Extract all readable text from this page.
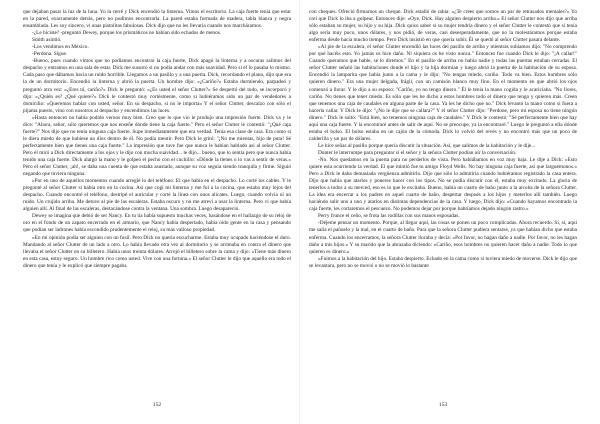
que dejaban pasar la luz de la luna. Yo la cerré y Dick encendió la linterna. Vimos el escritorio. La caja fuerte tenía que estar en la pared, exactamente detrás, pero no pudimos encontrarla. La pared estaba formada de madera, tabla blanca y negra ensamblada. Les soy sincero, vi unas pistolitas fabulosas. Dick dijo que no les llevaría cuando nos marcháramos.

-¿Le hiciste? -preguntó Dewey, porque los prismáticos no habían sido echados de menos.

Smith asintió.

-Los vendimos en México.

-Perdona. Sigue.

-Bueno, pues cuando vimos que no podíamos encontrar la caja fuerte, Dick apagó la linterna y a oscuras salimos del despacho y entramos en una sala de estar. Dick me susurró si no podía andar con más suavidad. Pero si él lo pasaba lo mismo. Cada paso que dábamos hacía un ruido horrible. Llegamos a un pasillo y a una puerta. Dick, recordando el plano, dijo que era la de un dormitorio. Encendió la linterna y abrió la puerta. Un hombre dijo: «¿Cariño?» Estaba durmiendo, parpadeó y preguntó otra vez: «¿Eres tú, cariño?» Dick le preguntó: «¿Es usted el señor Clutter?» Se despertó del todo, se incorporó y dijo: «¿Quién es? ¿Qué quiere?» Dick le contestó muy cortésmente, como si hubiéramos sido un par de vendedores a domicilio: «Queremos hablar con usted, señor. En su despacho, si no le importa» Y el señor Clutter, descalzo con sólo el pijama puesto, vino con nosotros al despacho y encendimos las luces.

»Hasta entonces no había podido vernos muy bien. Creo que lo que vio le produjo una impresión fuerte. Dick va y le dice: "Ahora, señor, sólo queremos que nos enseñe dónde tiene la caja fuerte." Pero el señor Clutter le contestó: "¿Qué caja fuerte?" Nos dijo que no tenía ninguna caja fuerte. Supe inmediatamente que era verdad. Tenía esa clase de cara. Era como si le diera miedo de que hubiese un dios dentro de él. No podía mentir. Pero Dick le gritó: "¡No me mientas, hijo de puta! Sé perfectamente bien que tienes una caja fuerte." La impresión que tuve fue que nunca le habían hablado así al señor Clutter. Pero él miró a Dick directamente a los ojos y le dijo con mucha suavidad... le dijo... bueno, que lo sentía pero que nunca había tenido una caja fuerte. Dick alargó la mano y le golpeó el pecho con el cuchillo: «Dónde la tienes o lo vas a sentir de veras.» Pero el señor Clutter, ¡ah!, se daba una cuenta de que estaba asustado, aunque su voz seguía siendo tranquila y firme. Siguió negando que tuviera ninguna.

»Por en uno de aquellos momentos cuando arreglé lo del teléfono. El que había en el despacho. Lo corté los cables. Y le pregunté al señor Clutter si había otro en la cocina. Así que cogí mi linterna y me fui a la cocina, que estaba muy lejos del despacho. Cuando encontré el teléfono, destripé el auricular y corté la línea con unos alicates. Luego, cuando volvía oí un ruido. Un crujido arriba. Me detuve al pie de las escaleras. Estaba oscuro y no me atreví a usar la linterna. Pero vi que había alguien allí. Al final de las escaleras, destacándose contra la ventana. Una sombra. Luego desapareció.

Dewey se imagina que debió de ser Nancy. En tu tía había supuesto muchas veces, basándose en el hallazgo de su reloj de oro en el fondo de un zapato encerrado en el armario, que Nancy había despertado, había oído gente en la casa y pensando que podían ser ladrones había escondido prudentemente el reloj, su más valioso propiedad.

»En mi opinión podía ser alguien con un fusil. Pero Dick no quería escucharme. Estaba muy ocupado haciéndose el duro. Mandando al señor Clutter de un lado a otro. Lo había llevado otra vez al dormitorio y se arrimaba en contra el dinero que llevaba el señor Clutter en su billetero. Había unos treinta dólares. Arrojó el billetero sobre la cama y dijo: «Tiene más dinero en esta casa, estoy seguro. Un hombre rico como usted. Vive con una fortuna.» El señor Clutter le dijo que aquello era todo el dinero que tenía y le explicó que siempre pagaba

152

con cheques. Ofreció firmarnos un cheque. Dick estalló de rabia: «¿Te crees que somos un par de retrasados mentales?» Yo creí que Dick lo iba a golpear. Entonces dije: «Oye, Dick. Hay alguien despierto arriba.» El señor Clutter nos dijo que arriba sólo estaban su mujer, su hijo y su hija. Dick quiso saber si su mujer tendría dinero y el señor Clutter le contestó que si tenía algo sería muy poco, unos dólares, y nos pidió, de veras, casi desesperadamente, que no la molestáramos porque estaba enferma desde hacía mucho tiempo. Pero Dick insistió en que quería subir. Él se quedó al señor Clutter pasara delante.

»Al pie de la escalera, el señor Clutter encendió las luces del pasillo de arriba y mientras subíamos dijo: "No comprendo por qué hacéis esto. Yo jamás os hice daño. Ni siquiera os he visto nunca." Entonces fue cuando Dick le dijo: "¡A callar!" Cuando queramos que hable, se lo diremos." En el pasillo de arriba no había nadie y todas las puertas estaban cerradas. El señor Clutter señaló las habitaciones donde el hijo y la hija dormían y luego abrió la puerta de la habitación de su esposa. Encendió la lamparita que había junto a la cama y le dijo: "No tengas miedo, cariño. Todo va bien. Estos hombres sólo quieren dinero." Era una mujer delgada, frágil, con un camisón blanco muy fino. En el momento en que abrió los ojos comenzó a llorar. Y le dijo a su esposo: "Cariño, yo no tengo dinero." Él le tenía la mano cogida y le acariciaba. "No llores, cariño. No tienes que tener miedo. Es sólo que les he dicho a estos hombres todo el dinero que tengo y quieren más. Creen que tenemos una caja de caudales en alguna parte de la casa. Ya les he dicho que no." Dick levantó la mano como si fuera a hacerla callar. Y Dick le dijo: "¿No le dije que se callara?" Y el señor Clutter dijo: "Perdone, pero mi esposa no tiene ningún dinero." Dick le soltó: "Está bien, no tenemos ninguna caja de caudales." Y Dick le contestó: "Sé perfectamente bien que hay aquí una caja fuerte. Y la encontraré antes de salir de aquí. No se preocupe, ya la encontraré." Luego le preguntó a ella dónde estaba el bolso. El bolso estaba en un cajón de la cómoda. Dick lo volvió del revés y no encontró más que un poco de calderilla y un par de dólares.

Le hice señas al pasillo porque quería discutir la situación. Así, que salimos de la habitación y le dije...

Dunter le interrumpe para preguntar si el señor y la señora Clutter podían oír la conversación.

-No. Nos quedamos en la puerta para no perderlos de vista. Pero hablábamos en voz muy baja. Le dije a Dick: «Esto quiere esta ocurriendo la verdad. El que mintió fue tu amigo Floyd Wells. No hay ninguna caja fuerte, así que larguémonos.» Pero a Dick le daba demasiada vergüenza admitirlo. Dijo que sólo lo admitiría cuando hubiéramos registrado la casa entera. Dijo que había que atarlos y ponerse hacer con los tipos. No se podía discutir con él, estaba muy excitado. La gloria de tenerlos a todos a su merced, eso es lo que le excitaba. Bueno, había un cuarto de baño junto a la alcoba de la señora Clutter. La idea era encerrar a los padres en aquel cuarto de baño, despertar después a los hijos y meterlos allí también. Luego haciéndo salir uno a uno y atarlos en distintas dependencias de la casa. Y luego, Dick dijo: «Cuando hayamos encontrado la caja fuerte, les cortaremos el pescuezo. No podemos dejar por porque habríamos dejado ningún rastro.»

Perry frunce el ceño, se frota las rodillas con sus manos esposadas.

-Déjeme pensar un momento. Porque, al llegar aquí, las cosas se ponen un poco complicadas. Ahora recuerdo. Sí, sí, aquí me salía el pañuelo y la mal, en el cuarto de baño. Para que la señora Clutter pudiera sentarse, ya que habían dicho que estaba enferma. Cuando los encerramos, la señora Clutter lloraba y decía: «Por favor, no hagan daño a nadie. Por favor, no les hagan daño a mis hijos.» Y su marido que la abrazaba diciendo: «Cariño, esos hombres no quieren hacer daño a nadie. Todo lo que quieren es dinero.»

»Fuimos a la habitación del hijo. Estaba despierto. Echado en la cama como si tuviera miedo de moverse. Dick le dijo que se levantara, pero no se movió o no se movió lo bastante

153
